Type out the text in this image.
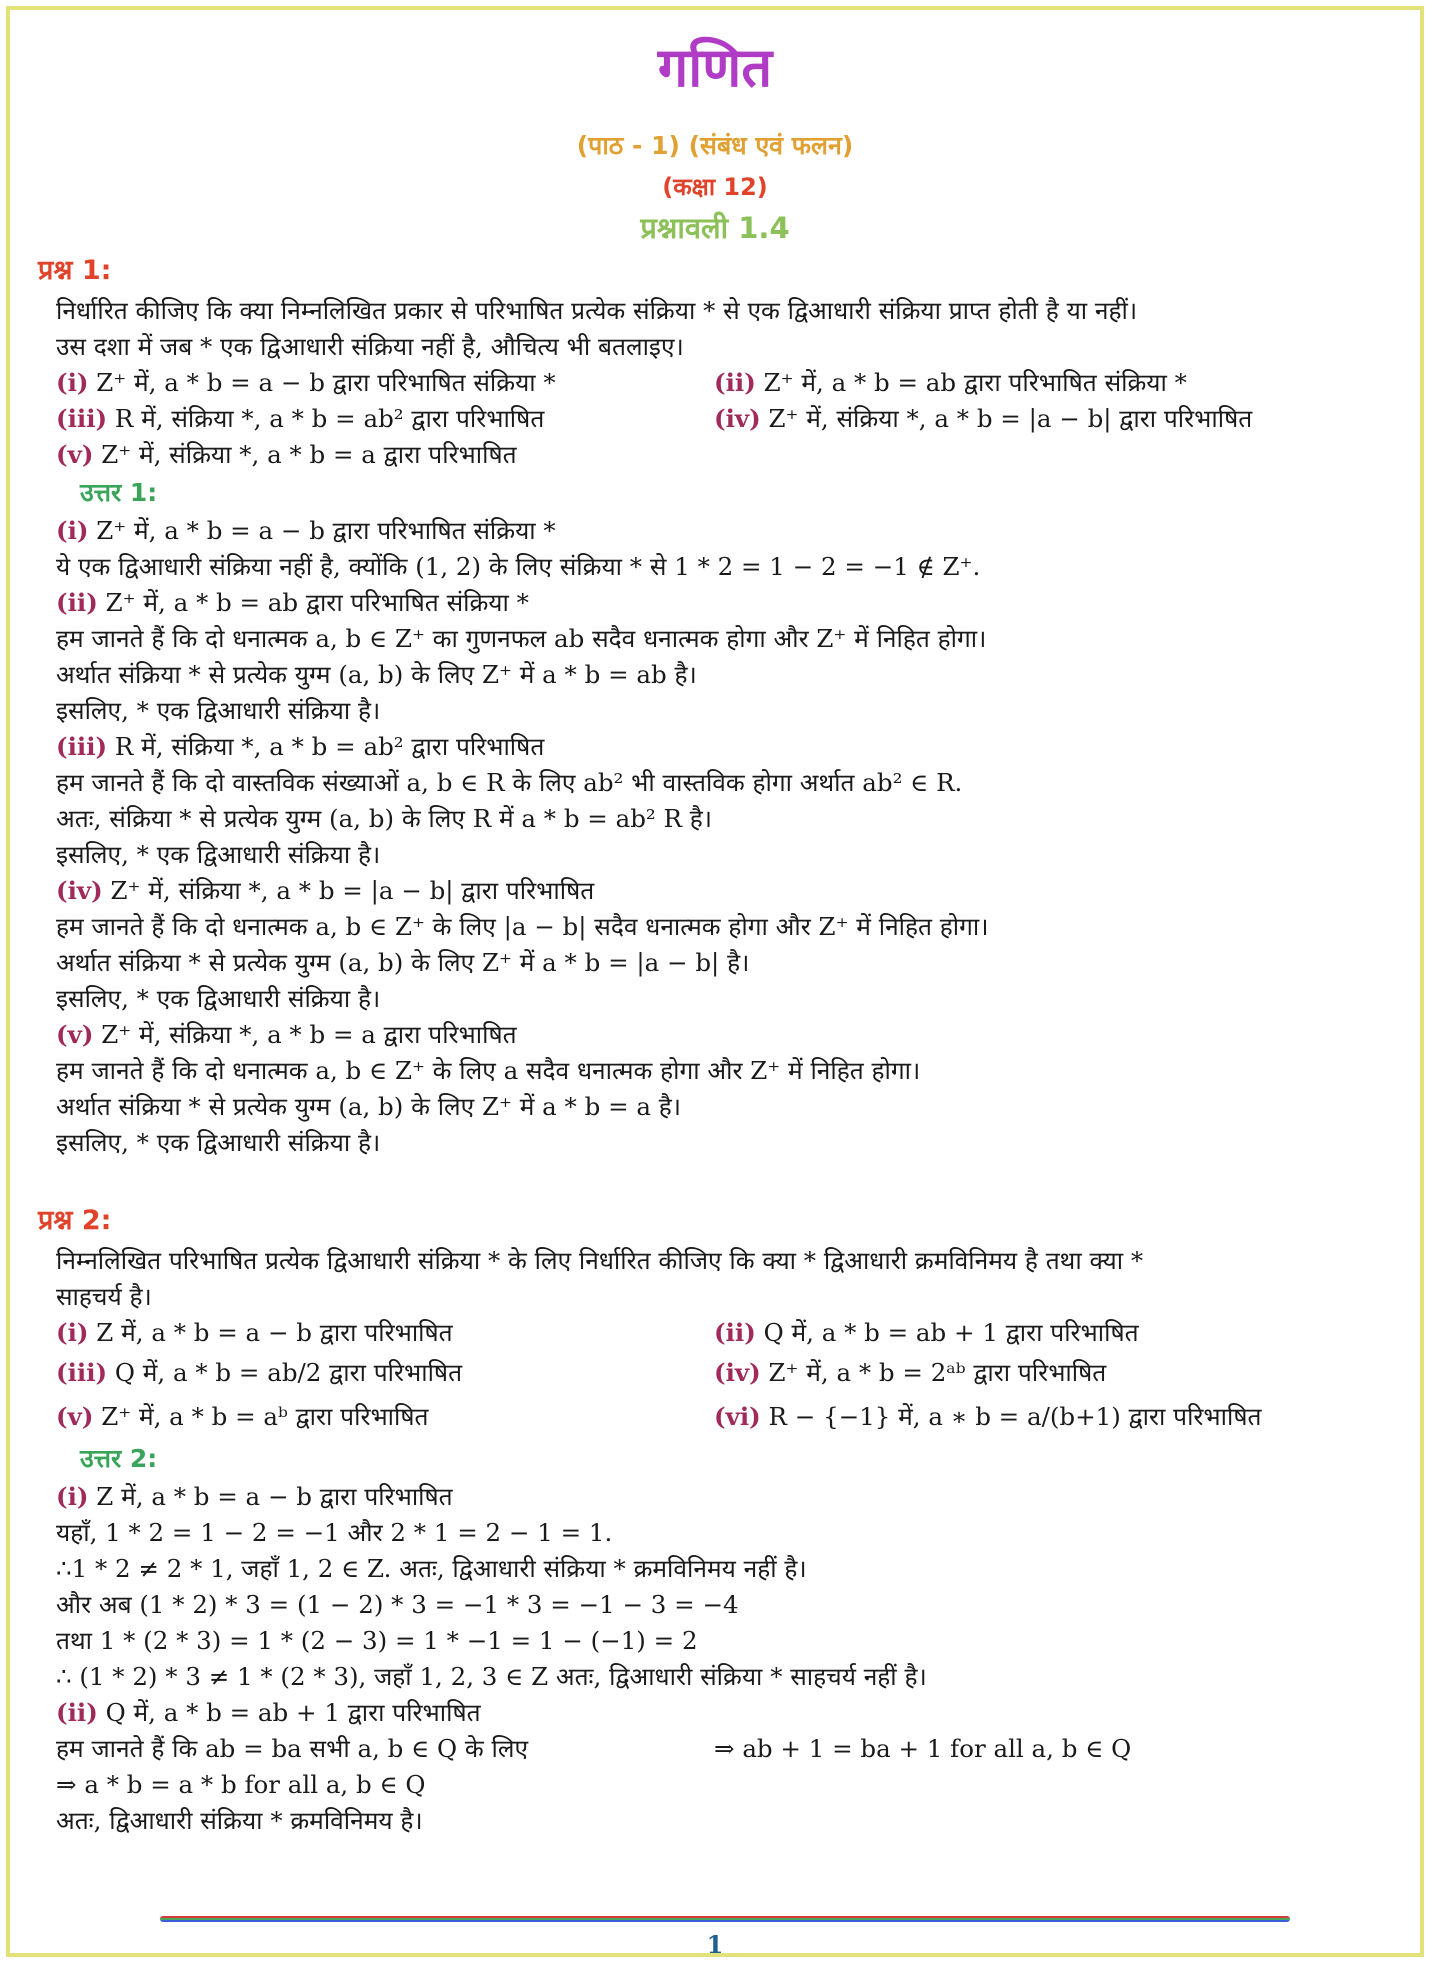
गणित

(पाठ - 1) (संबंध एवं फलन)

(कक्षा 12)

प्रश्नावली 1.4

प्रश्न 1:
निर्धारित कीजिए कि क्या निम्नलिखित प्रकार से परिभाषित प्रत्येक संक्रिया * से एक द्विआधारी संक्रिया प्राप्त होती है या नहीं।
उस दशा में जब * एक द्विआधारी संक्रिया नहीं है, औचित्य भी बतलाइए।
(i) Z⁺ में, a * b = a − b द्वारा परिभाषित संक्रिया *	(ii) Z⁺ में, a * b = ab द्वारा परिभाषित संक्रिया *
(iii) R में, संक्रिया *, a * b = ab² द्वारा परिभाषित	(iv) Z⁺ में, संक्रिया *, a * b = |a − b| द्वारा परिभाषित
(v) Z⁺ में, संक्रिया *, a * b = a द्वारा परिभाषित
उत्तर 1:
(i) Z⁺ में, a * b = a − b द्वारा परिभाषित संक्रिया *
ये एक द्विआधारी संक्रिया नहीं है, क्योंकि (1, 2) के लिए संक्रिया * से 1 * 2 = 1 − 2 = −1 ∉ Z⁺.
(ii) Z⁺ में, a * b = ab द्वारा परिभाषित संक्रिया *
हम जानते हैं कि दो धनात्मक a, b ∈ Z⁺ का गुणनफल ab सदैव धनात्मक होगा और Z⁺ में निहित होगा।
अर्थात संक्रिया * से प्रत्येक युग्म (a, b) के लिए Z⁺ में a * b = ab है।
इसलिए, * एक द्विआधारी संक्रिया है।
(iii) R में, संक्रिया *, a * b = ab² द्वारा परिभाषित
हम जानते हैं कि दो वास्तविक संख्याओं a, b ∈ R के लिए ab² भी वास्तविक होगा अर्थात ab² ∈ R.
अतः, संक्रिया * से प्रत्येक युग्म (a, b) के लिए R में a * b = ab² R है।
इसलिए, * एक द्विआधारी संक्रिया है।
(iv) Z⁺ में, संक्रिया *, a * b = |a − b| द्वारा परिभाषित
हम जानते हैं कि दो धनात्मक a, b ∈ Z⁺ के लिए |a − b| सदैव धनात्मक होगा और Z⁺ में निहित होगा।
अर्थात संक्रिया * से प्रत्येक युग्म (a, b) के लिए Z⁺ में a * b = |a − b| है।
इसलिए, * एक द्विआधारी संक्रिया है।
(v) Z⁺ में, संक्रिया *, a * b = a द्वारा परिभाषित
हम जानते हैं कि दो धनात्मक a, b ∈ Z⁺ के लिए a सदैव धनात्मक होगा और Z⁺ में निहित होगा।
अर्थात संक्रिया * से प्रत्येक युग्म (a, b) के लिए Z⁺ में a * b = a है।
इसलिए, * एक द्विआधारी संक्रिया है।
प्रश्न 2:
निम्नलिखित परिभाषित प्रत्येक द्विआधारी संक्रिया * के लिए निर्धारित कीजिए कि क्या * द्विआधारी क्रमविनिमय है तथा क्या *
साहचर्य है।
(i) Z में, a * b = a − b द्वारा परिभाषित	(ii) Q में, a * b = ab + 1 द्वारा परिभाषित
(iii) Q में, a * b = ab/2 द्वारा परिभाषित	(iv) Z⁺ में, a * b = 2ᵃᵇ द्वारा परिभाषित
(v) Z⁺ में, a * b = aᵇ द्वारा परिभाषित	(vi) R − {−1} में, a ∗ b = a/(b+1) द्वारा परिभाषित
उत्तर 2:
(i) Z में, a * b = a − b द्वारा परिभाषित
यहाँ, 1 * 2 = 1 − 2 = −1 और 2 * 1 = 2 − 1 = 1.
∴1 * 2 ≠ 2 * 1, जहाँ 1, 2 ∈ Z. अतः, द्विआधारी संक्रिया * क्रमविनिमय नहीं है।
और अब (1 * 2) * 3 = (1 − 2) * 3 = −1 * 3 = −1 − 3 = −4
तथा 1 * (2 * 3) = 1 * (2 − 3) = 1 * −1 = 1 − (−1) = 2
∴ (1 * 2) * 3 ≠ 1 * (2 * 3), जहाँ 1, 2, 3 ∈ Z अतः, द्विआधारी संक्रिया * साहचर्य नहीं है।
(ii) Q में, a * b = ab + 1 द्वारा परिभाषित
हम जानते हैं कि ab = ba सभी a, b ∈ Q के लिए	⇒ ab + 1 = ba + 1 for all a, b ∈ Q
⇒ a * b = a * b for all a, b ∈ Q
अतः, द्विआधारी संक्रिया * क्रमविनिमय है।
1
